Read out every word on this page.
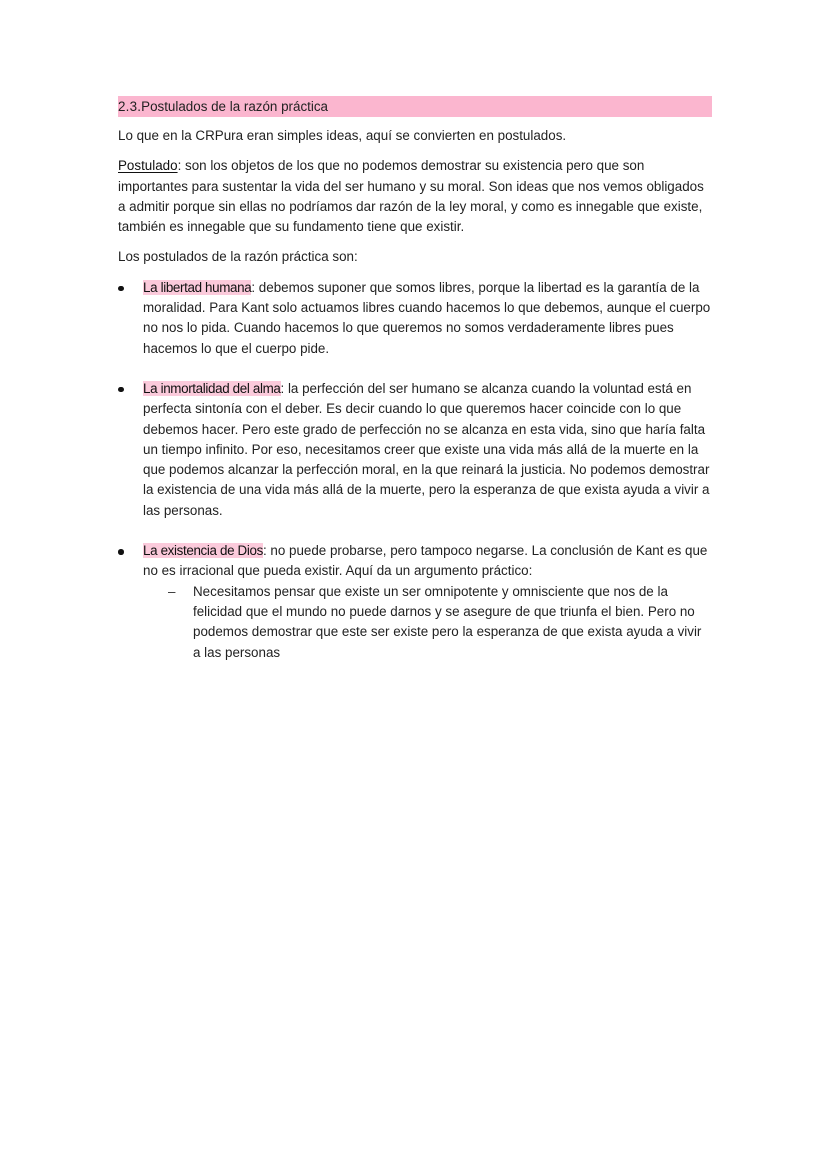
2.3.Postulados de la razón práctica

Lo que en la CRPura eran simples ideas, aquí se convierten en postulados.

Postulado: son los objetos de los que no podemos demostrar su existencia pero que son importantes para sustentar la vida del ser humano y su moral. Son ideas que nos vemos obligados a admitir porque sin ellas no podríamos dar razón de la ley moral, y como es innegable que existe, también es innegable que su fundamento tiene que existir.

Los postulados de la razón práctica son:

La libertad humana: debemos suponer que somos libres, porque la libertad es la garantía de la moralidad. Para Kant solo actuamos libres cuando hacemos lo que debemos, aunque el cuerpo no nos lo pida. Cuando hacemos lo que queremos no somos verdaderamente libres pues hacemos lo que el cuerpo pide.
La inmortalidad del alma: la perfección del ser humano se alcanza cuando la voluntad está en perfecta sintonía con el deber. Es decir cuando lo que queremos hacer coincide con lo que debemos hacer. Pero este grado de perfección no se alcanza en esta vida, sino que haría falta un tiempo infinito. Por eso, necesitamos creer que existe una vida más allá de la muerte en la que podemos alcanzar la perfección moral, en la que reinará la justicia. No podemos demostrar la existencia de una vida más allá de la muerte, pero la esperanza de que exista ayuda a vivir a las personas.
La existencia de Dios: no puede probarse, pero tampoco negarse. La conclusión de Kant es que no es irracional que pueda existir. Aquí da un argumento práctico:
– Necesitamos pensar que existe un ser omnipotente y omnisciente que nos de la felicidad que el mundo no puede darnos y se asegure de que triunfa el bien. Pero no podemos demostrar que este ser existe pero la esperanza de que exista ayuda a vivir a las personas
